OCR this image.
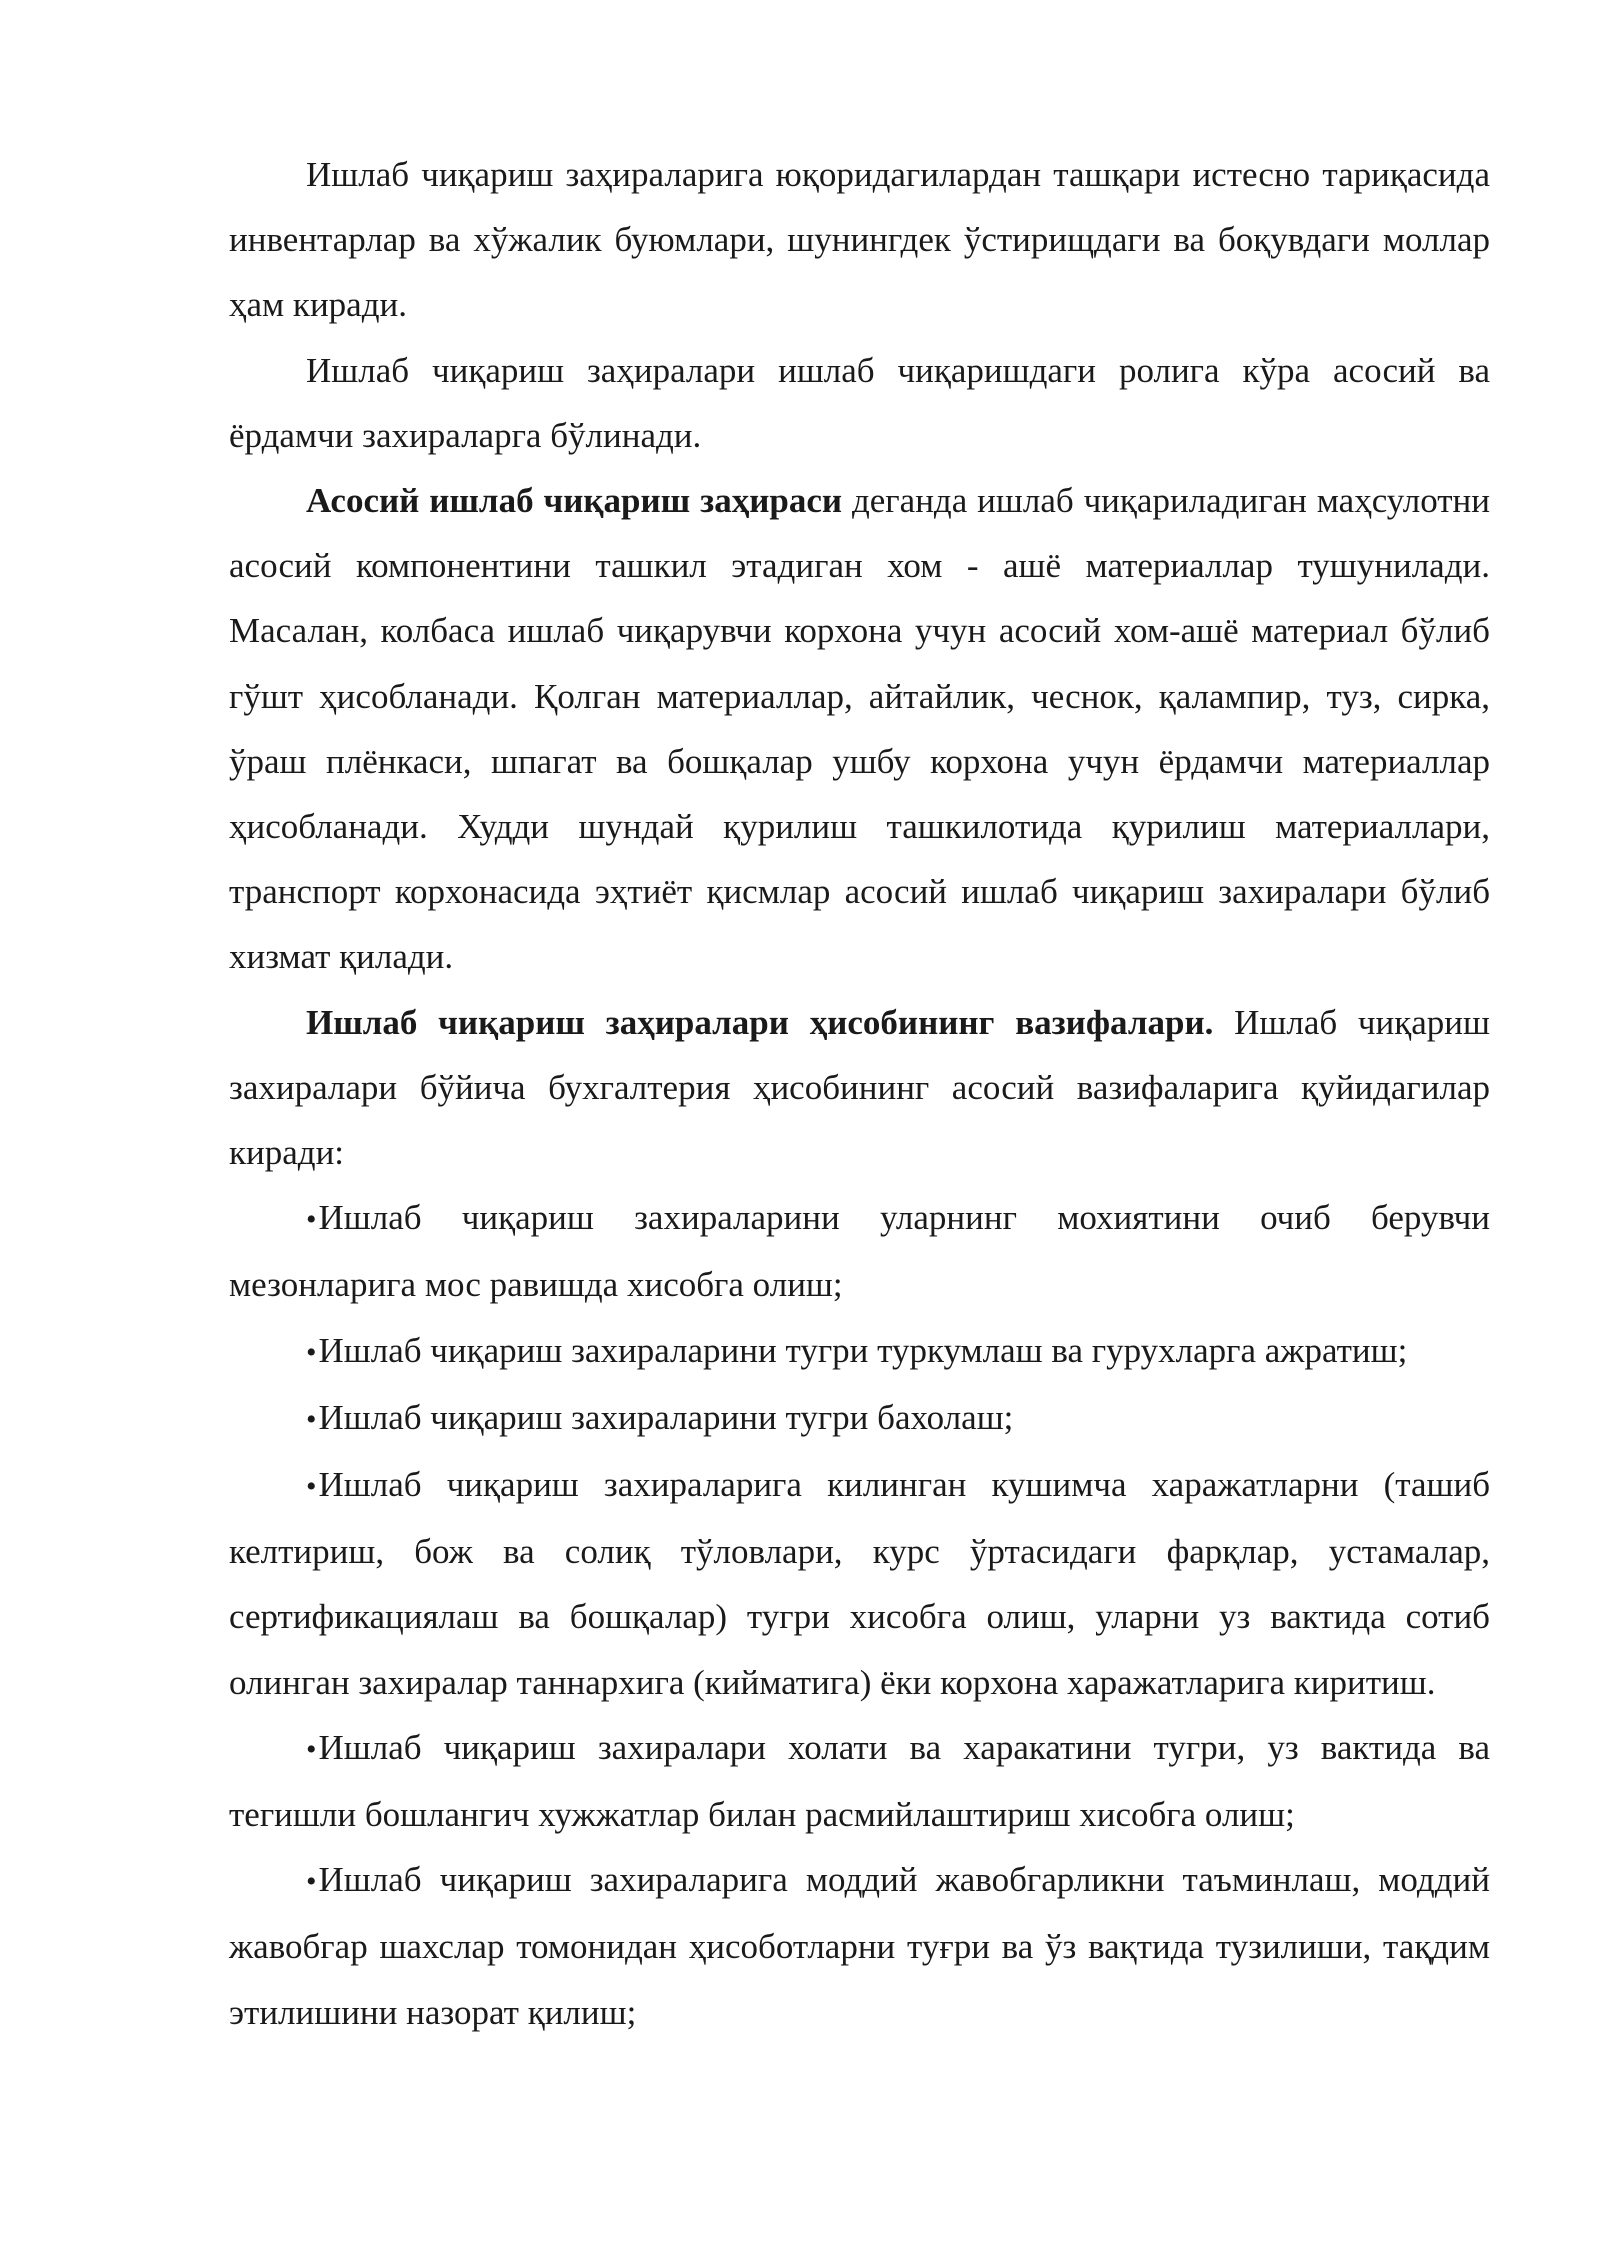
Ишлаб чиқариш заҳираларига юқоридагилардан ташқари истесно тариқасида инвентарлар ва хўжалик буюмлари, шунингдек ўстирищдаги ва боқувдаги моллар ҳам киради.

Ишлаб чиқариш заҳиралари ишлаб чиқаришдаги ролига кўра асосий ва ёрдамчи захираларга бўлинади.

Асосий ишлаб чиқариш заҳираси деганда ишлаб чиқариладиган маҳсулотни асосий компонентини ташкил этадиган хом - ашё материаллар тушунилади. Масалан, колбаса ишлаб чиқарувчи корхона учун асосий хом-ашё материал бўлиб гўшт ҳисобланади. Қолган материаллар, айтайлик, чеснок, қалампир, туз, сирка, ўраш плёнкаси, шпагат ва бошқалар ушбу корхона учун ёрдамчи материаллар ҳисобланади. Худди шундай қурилиш ташкилотида қурилиш материаллари, транспорт корхонасида эҳтиёт қисмлар асосий ишлаб чиқариш захиралари бўлиб хизмат қилади.

Ишлаб чиқариш заҳиралари ҳисобининг вазифалари. Ишлаб чиқариш захиралари бўйича бухгалтерия ҳисобининг асосий вазифаларига қуйидагилар киради:

•Ишлаб чиқариш захираларини уларнинг мохиятини очиб берувчи мезонларига мос равишда хисобга олиш;

•Ишлаб чиқариш захираларини тугри туркумлаш ва гурухларга ажратиш;

•Ишлаб чиқариш захираларини тугри бахолаш;

•Ишлаб чиқариш захираларига килинган кушимча харажатларни (ташиб келтириш, бож ва солиқ тўловлари, курс ўртасидаги фарқлар, устамалар, сертификациялаш ва бошқалар) тугри хисобга олиш, уларни уз вактида сотиб олинган захиралар таннархига (кийматига) ёки корхона харажатларига киритиш.

•Ишлаб чиқариш захиралари холати ва харакатини тугри, уз вактида ва тегишли бошлангич хужжатлар билан расмийлаштириш хисобга олиш;

•Ишлаб чиқариш захираларига моддий жавобгарликни таъминлаш, моддий жавобгар шахслар томонидан ҳисоботларни туғри ва ўз вақтида тузилиши, тақдим этилишини назорат қилиш;
